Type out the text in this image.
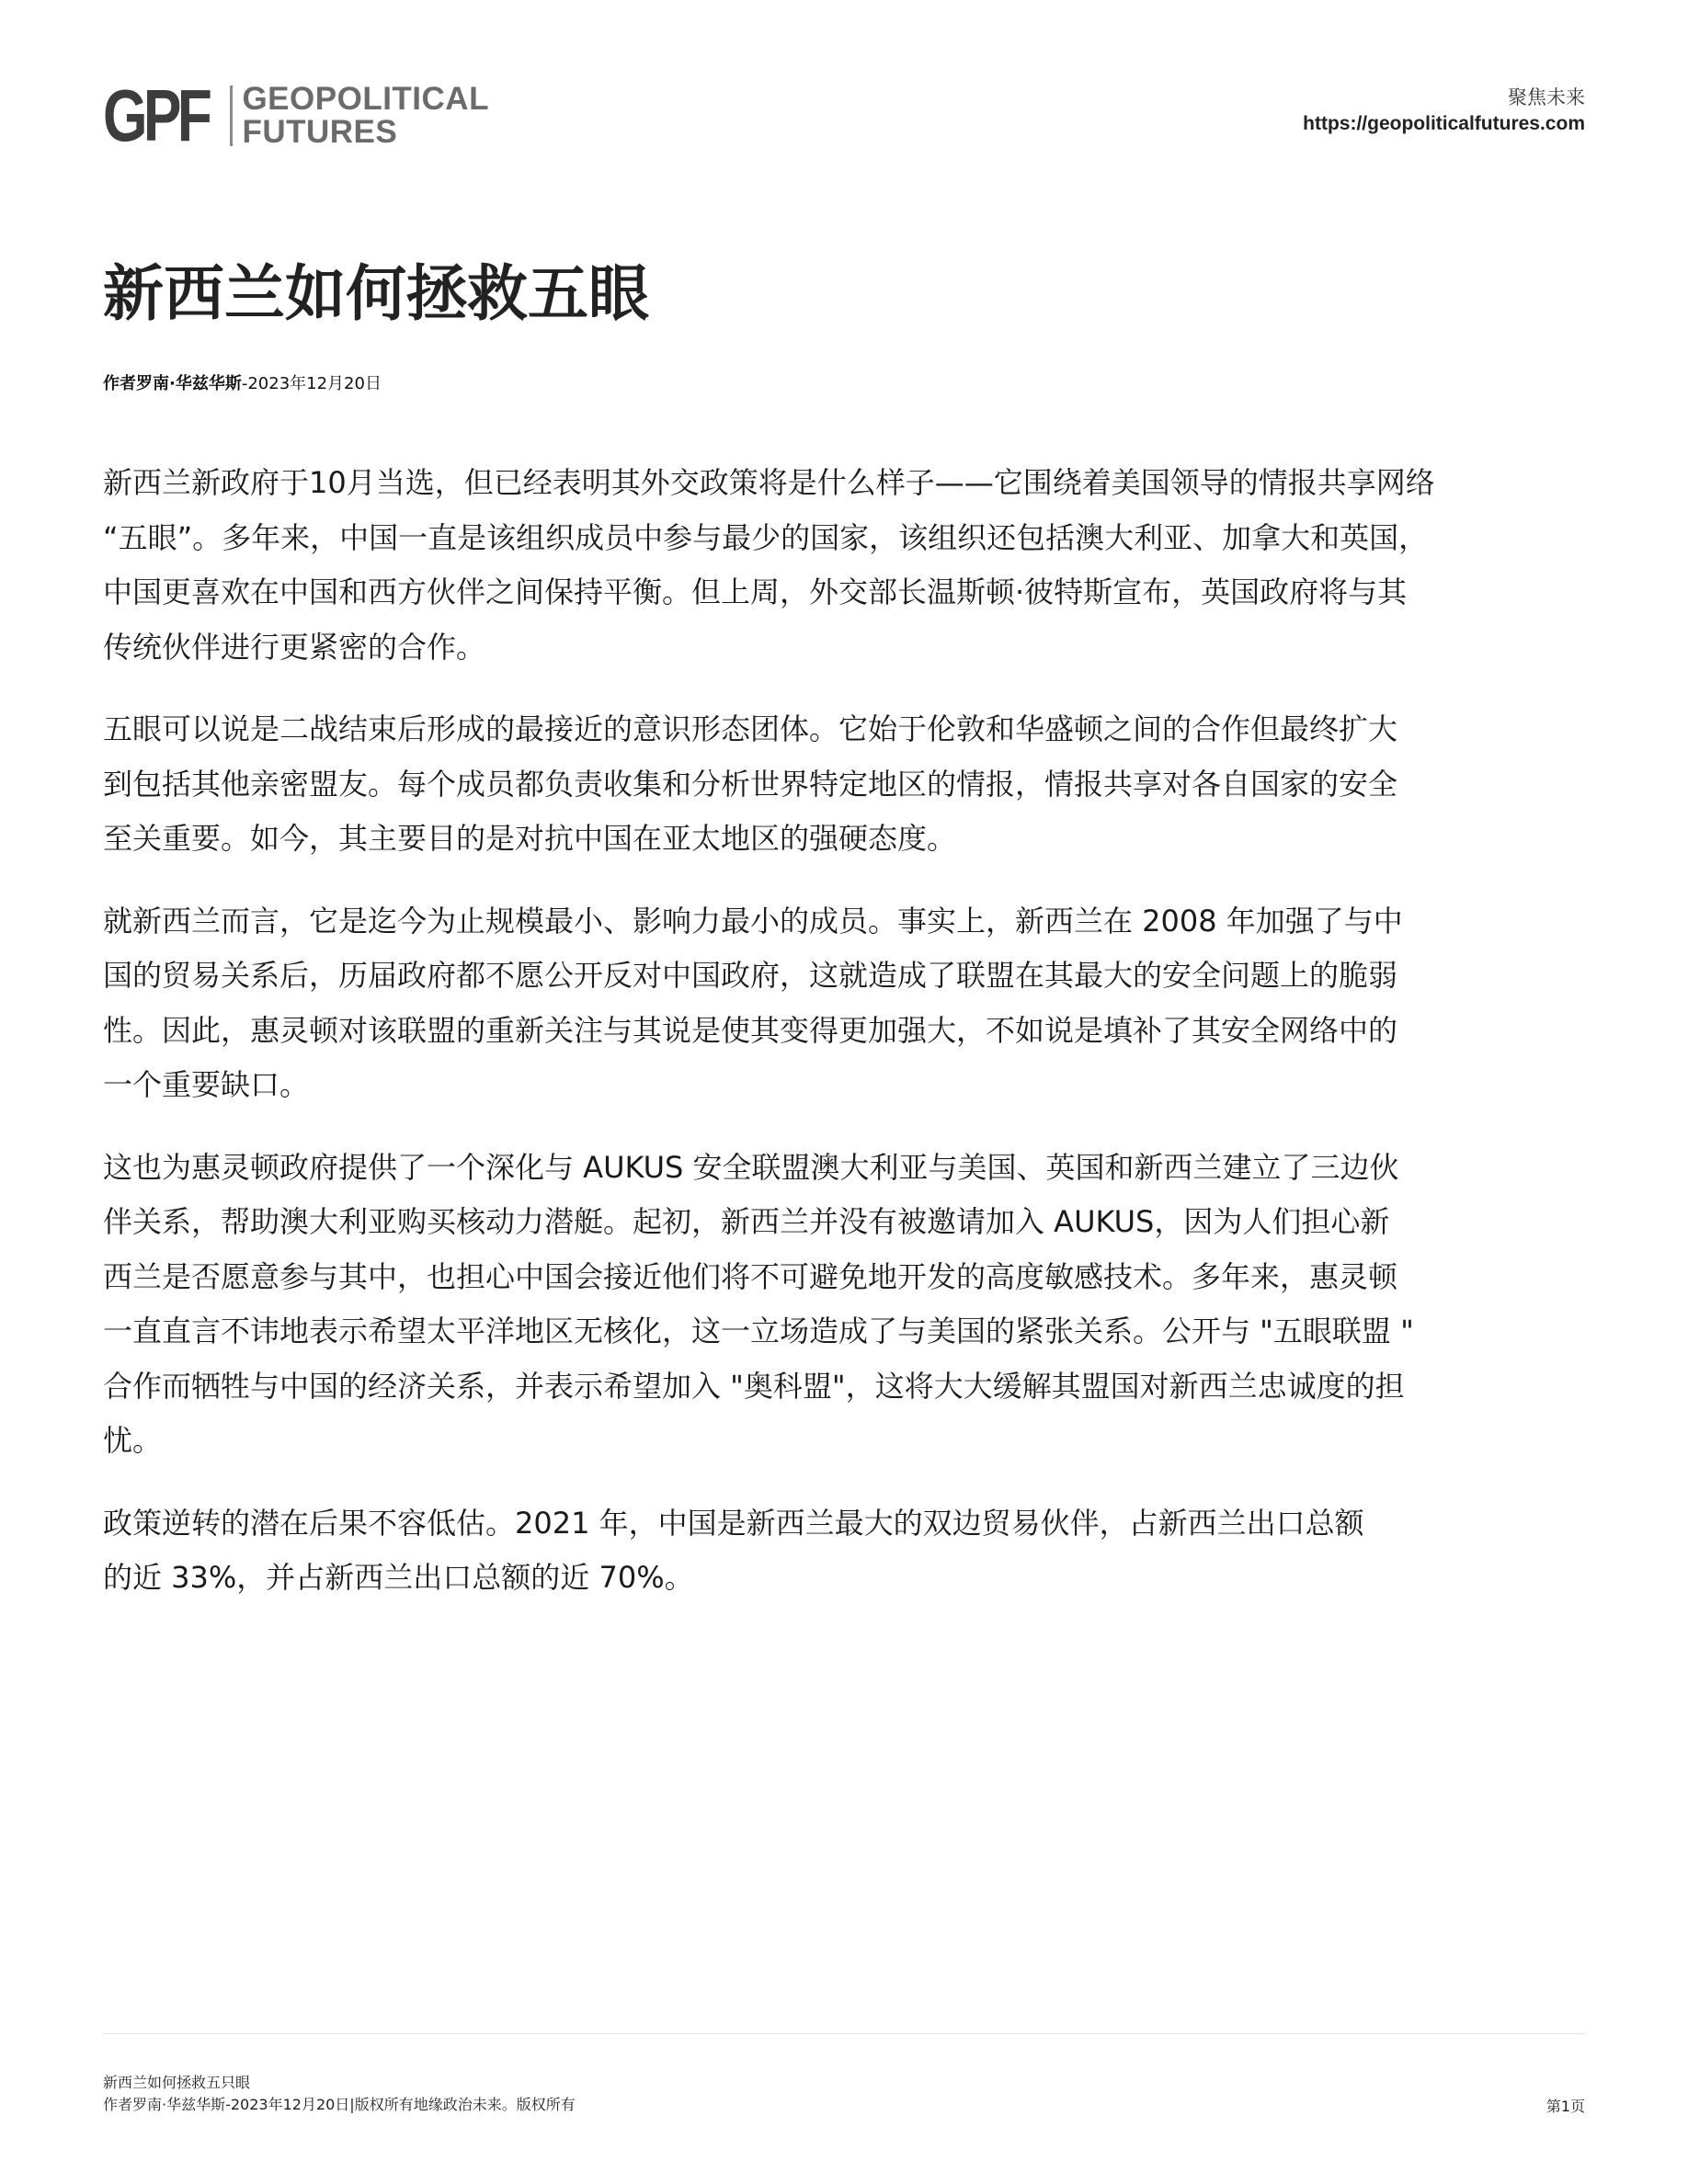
GPF GEOPOLITICAL
FUTURES
聚焦未来
https://geopoliticalfutures.com
新西兰如何拯救五眼
作者罗南·华兹华斯-2023年12月20日

新西兰新政府于10月当选，但已经表明其外交政策将是什么样子——它围绕着美国领导的情报共享网络
“五眼”。多年来，中国一直是该组织成员中参与最少的国家，该组织还包括澳大利亚、加拿大和英国，
中国更喜欢在中国和西方伙伴之间保持平衡。但上周，外交部长温斯顿·彼特斯宣布，英国政府将与其
传统伙伴进行更紧密的合作。

五眼可以说是二战结束后形成的最接近的意识形态团体。它始于伦敦和华盛顿之间的合作但最终扩大
到包括其他亲密盟友。每个成员都负责收集和分析世界特定地区的情报，情报共享对各自国家的安全
至关重要。如今，其主要目的是对抗中国在亚太地区的强硬态度。

就新西兰而言，它是迄今为止规模最小、影响力最小的成员。事实上，新西兰在 2008 年加强了与中
国的贸易关系后，历届政府都不愿公开反对中国政府，这就造成了联盟在其最大的安全问题上的脆弱
性。因此，惠灵顿对该联盟的重新关注与其说是使其变得更加强大，不如说是填补了其安全网络中的
一个重要缺口。

这也为惠灵顿政府提供了一个深化与 AUKUS 安全联盟澳大利亚与美国、英国和新西兰建立了三边伙
伴关系，帮助澳大利亚购买核动力潜艇。起初，新西兰并没有被邀请加入 AUKUS，因为人们担心新
西兰是否愿意参与其中，也担心中国会接近他们将不可避免地开发的高度敏感技术。多年来，惠灵顿
一直直言不讳地表示希望太平洋地区无核化，这一立场造成了与美国的紧张关系。公开与 "五眼联盟 "
合作而牺牲与中国的经济关系，并表示希望加入 "奥科盟"，这将大大缓解其盟国对新西兰忠诚度的担
忧。

政策逆转的潜在后果不容低估。2021 年，中国是新西兰最大的双边贸易伙伴，占新西兰出口总额
的近 33%，并占新西兰出口总额的近 70%。

新西兰如何拯救五只眼
作者罗南·华兹华斯-2023年12月20日|版权所有地缘政治未来。版权所有	第1页
